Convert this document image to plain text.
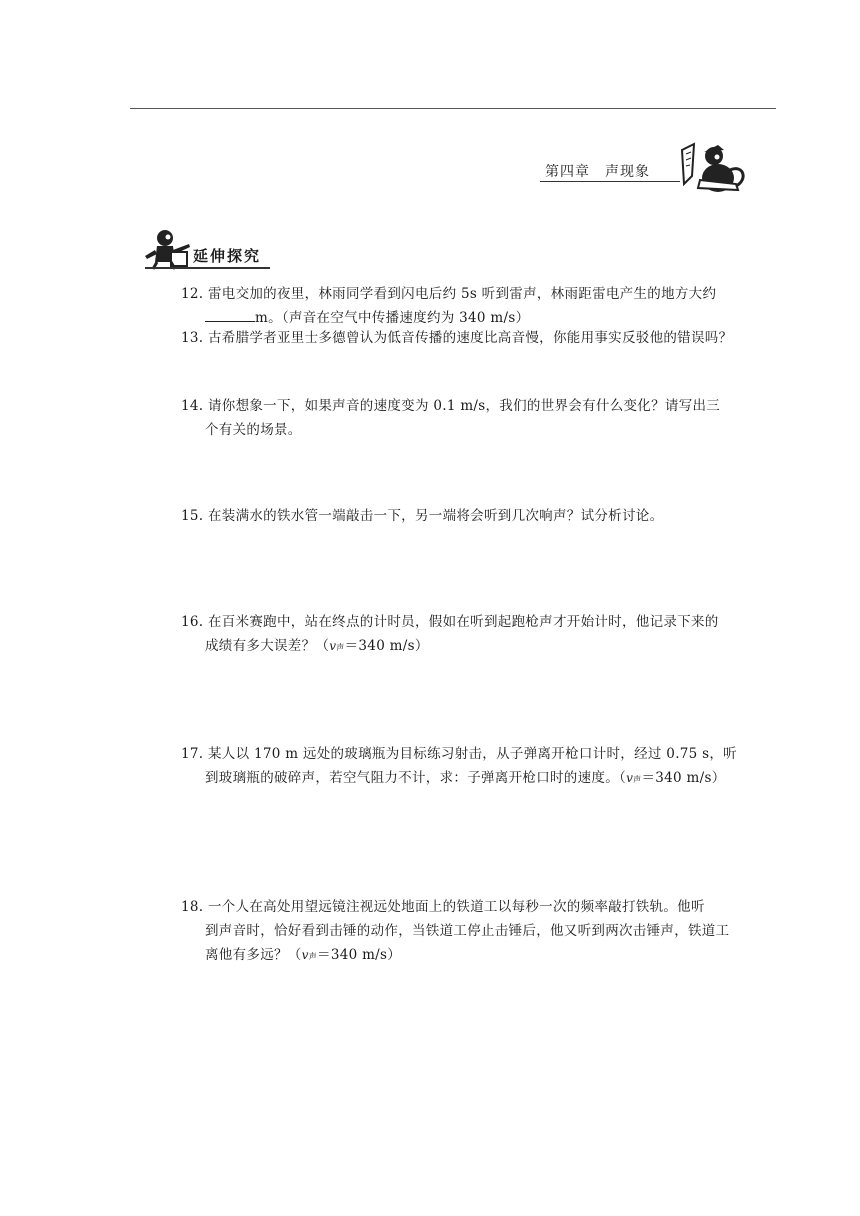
第四章　声现象
延伸探究
12. 雷电交加的夜里，林雨同学看到闪电后约 5s 听到雷声，林雨距雷电产生的地方大约
m。（声音在空气中传播速度约为 340 m/s）
13. 古希腊学者亚里士多德曾认为低音传播的速度比高音慢，你能用事实反驳他的错误吗？
14. 请你想象一下，如果声音的速度变为 0.1 m/s，我们的世界会有什么变化？请写出三
个有关的场景。
15. 在装满水的铁水管一端敲击一下，另一端将会听到几次响声？试分析讨论。
16. 在百米赛跑中，站在终点的计时员，假如在听到起跑枪声才开始计时，他记录下来的
成绩有多大误差？（v声＝340 m/s）
17. 某人以 170 m 远处的玻璃瓶为目标练习射击，从子弹离开枪口计时，经过 0.75 s，听
到玻璃瓶的破碎声，若空气阻力不计，求：子弹离开枪口时的速度。（v声＝340 m/s）
18. 一个人在高处用望远镜注视远处地面上的铁道工以每秒一次的频率敲打铁轨。他听
到声音时，恰好看到击锤的动作，当铁道工停止击锤后，他又听到两次击锤声，铁道工
离他有多远？（v声＝340 m/s）
